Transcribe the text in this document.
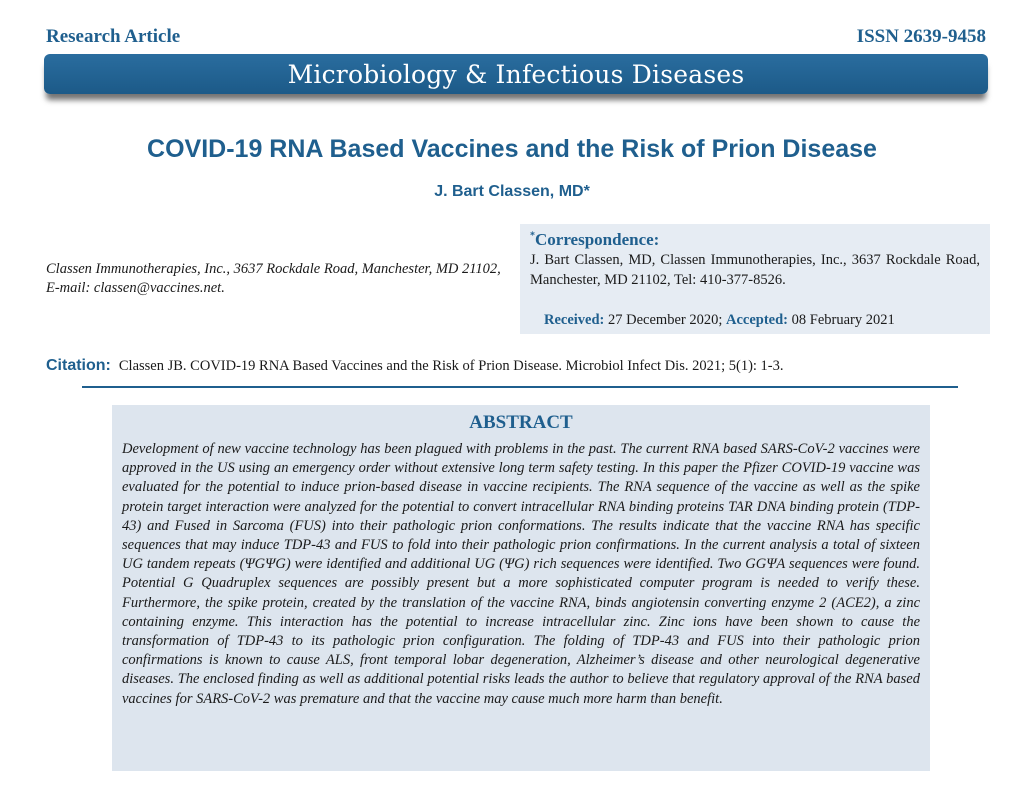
Research Article	ISSN 2639-9458
Microbiology & Infectious Diseases
COVID-19 RNA Based Vaccines and the Risk of Prion Disease
J. Bart Classen, MD*
Classen Immunotherapies, Inc., 3637 Rockdale Road, Manchester, MD 21102, E-mail: classen@vaccines.net.
*Correspondence:
J. Bart Classen, MD, Classen Immunotherapies, Inc., 3637 Rockdale Road, Manchester, MD 21102, Tel: 410-377-8526.
Received: 27 December 2020; Accepted: 08 February 2021
Citation: Classen JB. COVID-19 RNA Based Vaccines and the Risk of Prion Disease. Microbiol Infect Dis. 2021; 5(1): 1-3.
ABSTRACT
Development of new vaccine technology has been plagued with problems in the past. The current RNA based SARS-CoV-2 vaccines were approved in the US using an emergency order without extensive long term safety testing. In this paper the Pfizer COVID-19 vaccine was evaluated for the potential to induce prion-based disease in vaccine recipients. The RNA sequence of the vaccine as well as the spike protein target interaction were analyzed for the potential to convert intracellular RNA binding proteins TAR DNA binding protein (TDP-43) and Fused in Sarcoma (FUS) into their pathologic prion conformations. The results indicate that the vaccine RNA has specific sequences that may induce TDP-43 and FUS to fold into their pathologic prion confirmations. In the current analysis a total of sixteen UG tandem repeats (ΨGΨG) were identified and additional UG (ΨG) rich sequences were identified. Two GGΨA sequences were found. Potential G Quadruplex sequences are possibly present but a more sophisticated computer program is needed to verify these. Furthermore, the spike protein, created by the translation of the vaccine RNA, binds angiotensin converting enzyme 2 (ACE2), a zinc containing enzyme. This interaction has the potential to increase intracellular zinc. Zinc ions have been shown to cause the transformation of TDP-43 to its pathologic prion configuration. The folding of TDP-43 and FUS into their pathologic prion confirmations is known to cause ALS, front temporal lobar degeneration, Alzheimer’s disease and other neurological degenerative diseases. The enclosed finding as well as additional potential risks leads the author to believe that regulatory approval of the RNA based vaccines for SARS-CoV-2 was premature and that the vaccine may cause much more harm than benefit.
